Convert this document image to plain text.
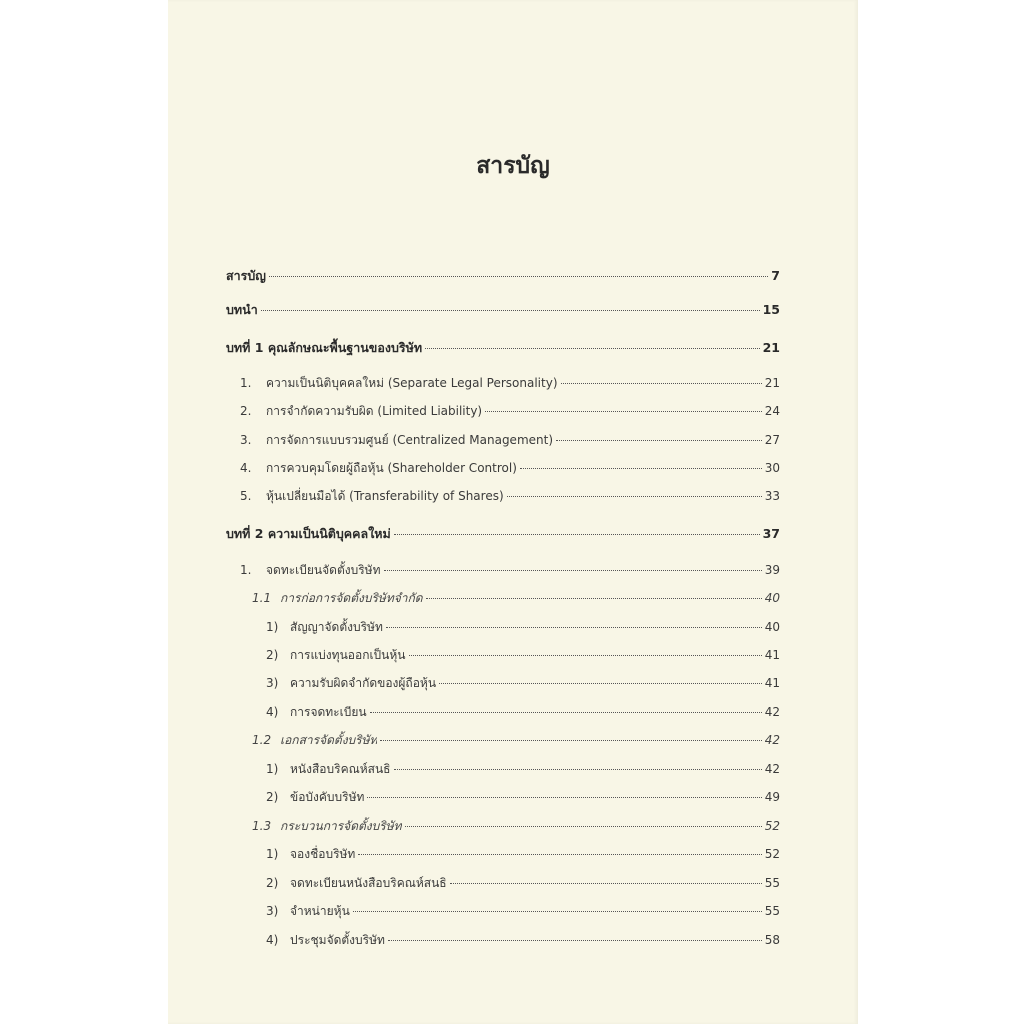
สารบัญ
สารบัญ	7
บทนำ	15
บทที่ 1 คุณลักษณะพื้นฐานของบริษัท	21
1.	ความเป็นนิติบุคคลใหม่ (Separate Legal Personality)	21
2.	การจำกัดความรับผิด (Limited Liability)	24
3.	การจัดการแบบรวมศูนย์ (Centralized Management)	27
4.	การควบคุมโดยผู้ถือหุ้น (Shareholder Control)	30
5.	หุ้นเปลี่ยนมือได้ (Transferability of Shares)	33
บทที่ 2 ความเป็นนิติบุคคลใหม่	37
1.	จดทะเบียนจัดตั้งบริษัท	39
1.1 การก่อการจัดตั้งบริษัทจำกัด	40
1) สัญญาจัดตั้งบริษัท	40
2) การแบ่งทุนออกเป็นหุ้น	41
3) ความรับผิดจำกัดของผู้ถือหุ้น	41
4) การจดทะเบียน	42
1.2 เอกสารจัดตั้งบริษัท	42
1) หนังสือบริคณห์สนธิ	42
2) ข้อบังคับบริษัท	49
1.3 กระบวนการจัดตั้งบริษัท	52
1) จองชื่อบริษัท	52
2) จดทะเบียนหนังสือบริคณห์สนธิ	55
3) จำหน่ายหุ้น	55
4) ประชุมจัดตั้งบริษัท	58
